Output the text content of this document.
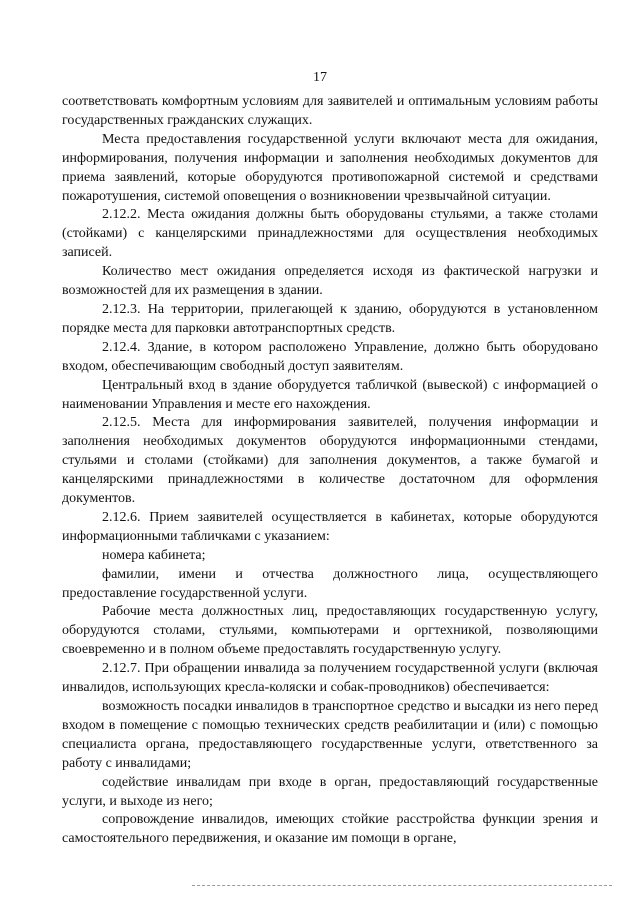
17

соответствовать комфортным условиям для заявителей и оптимальным условиям работы государственных гражданских служащих.

Места предоставления государственной услуги включают места для ожидания, информирования, получения информации и заполнения необходимых документов для приема заявлений, которые оборудуются противопожарной системой и средствами пожаротушения, системой оповещения о возникновении чрезвычайной ситуации.

2.12.2. Места ожидания должны быть оборудованы стульями, а также столами (стойками) с канцелярскими принадлежностями для осуществления необходимых записей.

Количество мест ожидания определяется исходя из фактической нагрузки и возможностей для их размещения в здании.

2.12.3. На территории, прилегающей к зданию, оборудуются в установленном порядке места для парковки автотранспортных средств.

2.12.4. Здание, в котором расположено Управление, должно быть оборудовано входом, обеспечивающим свободный доступ заявителям.

Центральный вход в здание оборудуется табличкой (вывеской) с информацией о наименовании Управления и месте его нахождения.

2.12.5. Места для информирования заявителей, получения информации и заполнения необходимых документов оборудуются информационными стендами, стульями и столами (стойками) для заполнения документов, а также бумагой и канцелярскими принадлежностями в количестве достаточном для оформления документов.

2.12.6. Прием заявителей осуществляется в кабинетах, которые оборудуются информационными табличками с указанием:

номера кабинета;

фамилии, имени и отчества должностного лица, осуществляющего предоставление государственной услуги.

Рабочие места должностных лиц, предоставляющих государственную услугу, оборудуются столами, стульями, компьютерами и оргтехникой, позволяющими своевременно и в полном объеме предоставлять государственную услугу.

2.12.7. При обращении инвалида за получением государственной услуги (включая инвалидов, использующих кресла-коляски и собак-проводников) обеспечивается:

возможность посадки инвалидов в транспортное средство и высадки из него перед входом в помещение с помощью технических средств реабилитации и (или) с помощью специалиста органа, предоставляющего государственные услуги, ответственного за работу с инвалидами;

содействие инвалидам при входе в орган, предоставляющий государственные услуги, и выходе из него;

сопровождение инвалидов, имеющих стойкие расстройства функции зрения и самостоятельного передвижения, и оказание им помощи в органе,
